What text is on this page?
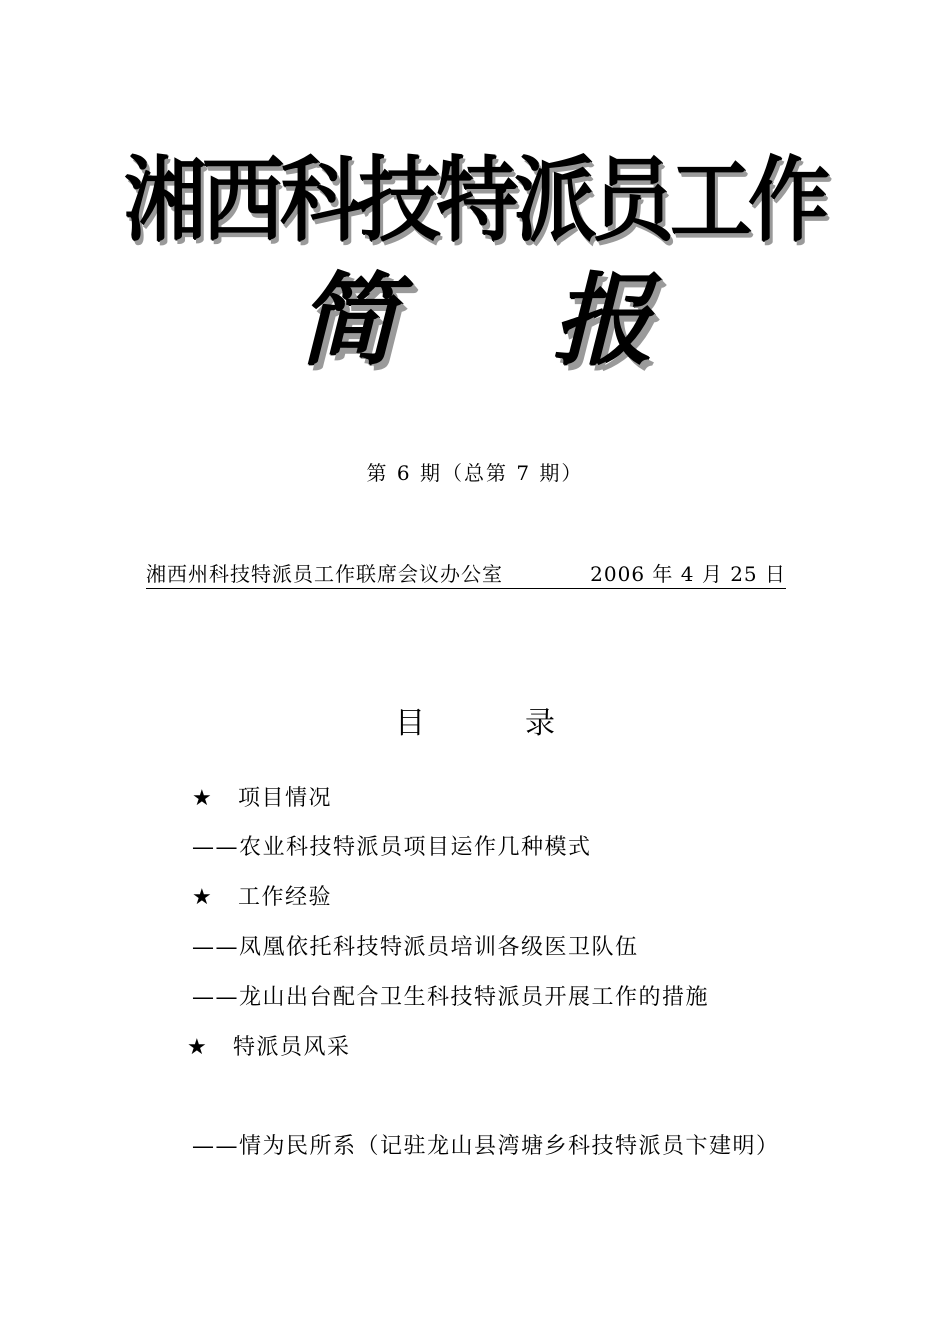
湘西科技特派员工作
简 报
第 6 期（总第 7 期）
湘西州科技特派员工作联席会议办公室	2006 年 4 月 25 日
目	录
★ 项目情况
——农业科技特派员项目运作几种模式
★ 工作经验
——凤凰依托科技特派员培训各级医卫队伍
——龙山出台配合卫生科技特派员开展工作的措施
★ 特派员风采
——情为民所系（记驻龙山县湾塘乡科技特派员卞建明）
